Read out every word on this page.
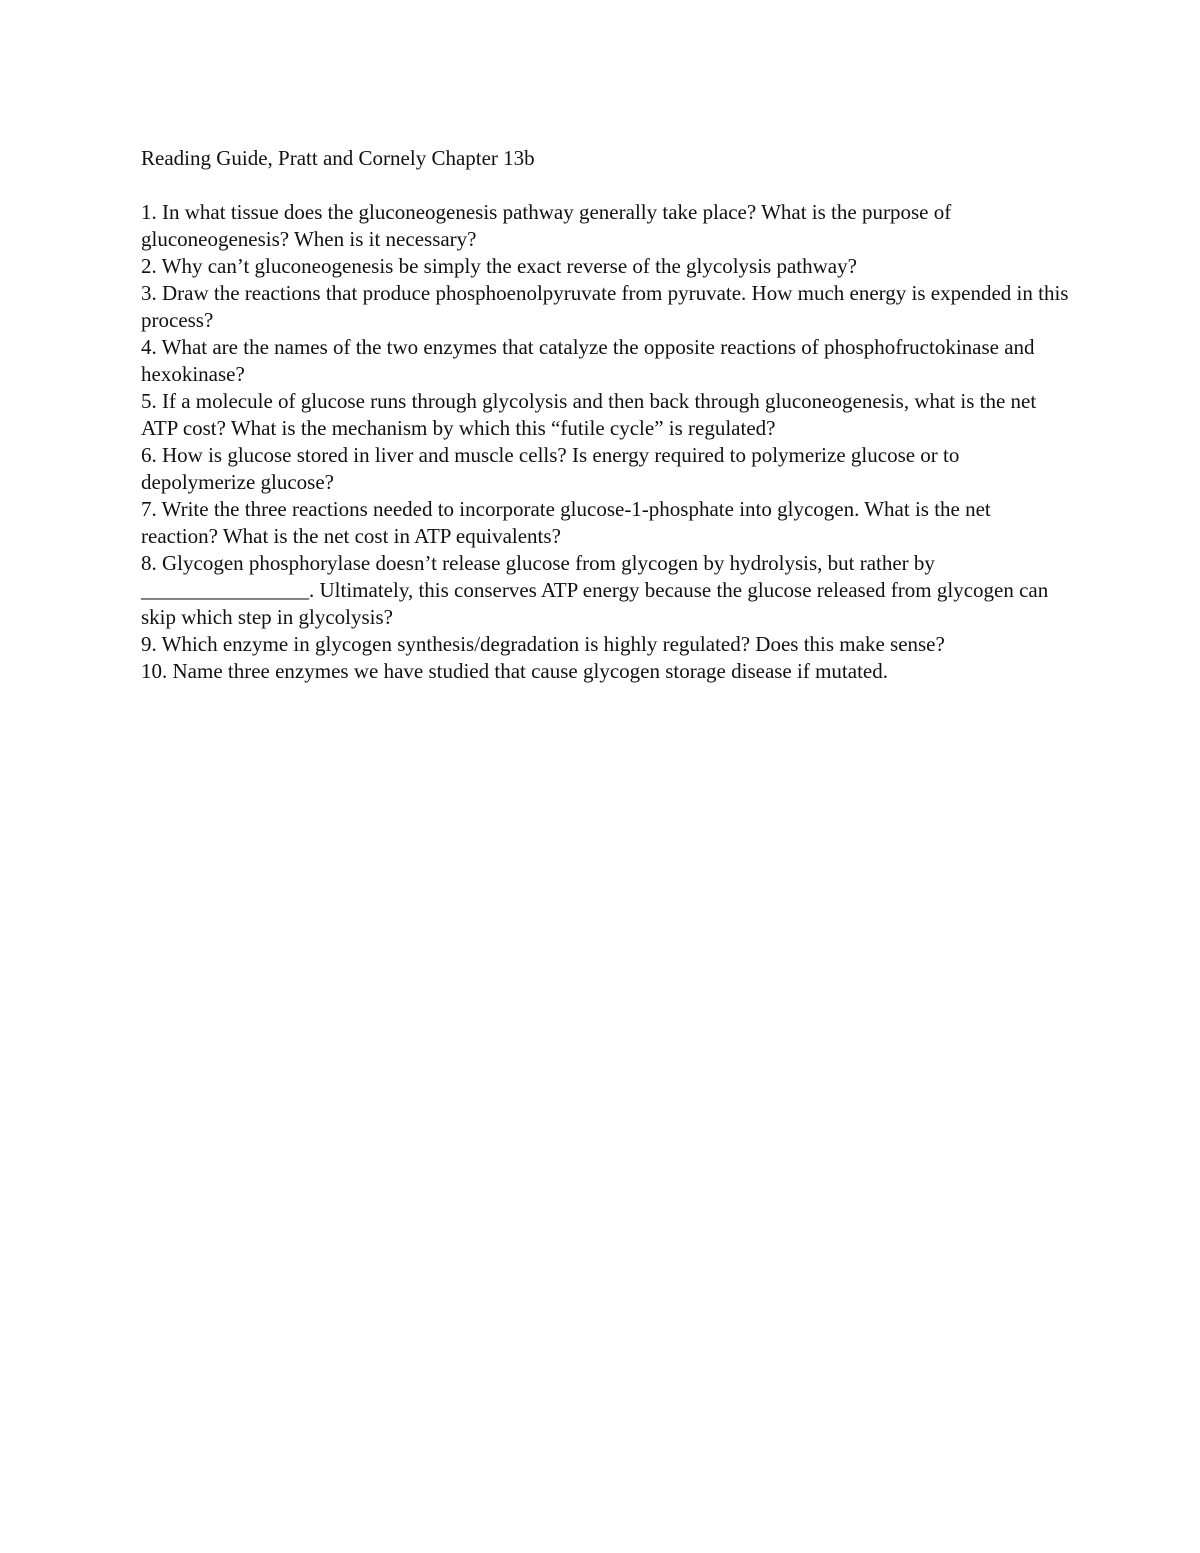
Reading Guide, Pratt and Cornely Chapter 13b

1. In what tissue does the gluconeogenesis pathway generally take place? What is the purpose of gluconeogenesis? When is it necessary?

2. Why can’t gluconeogenesis be simply the exact reverse of the glycolysis pathway?

3. Draw the reactions that produce phosphoenolpyruvate from pyruvate. How much energy is expended in this process?

4. What are the names of the two enzymes that catalyze the opposite reactions of phosphofructokinase and hexokinase?

5. If a molecule of glucose runs through glycolysis and then back through gluconeogenesis, what is the net ATP cost? What is the mechanism by which this “futile cycle” is regulated?

6. How is glucose stored in liver and muscle cells? Is energy required to polymerize glucose or to depolymerize glucose?

7. Write the three reactions needed to incorporate glucose-1-phosphate into glycogen. What is the net reaction? What is the net cost in ATP equivalents?

8. Glycogen phosphorylase doesn’t release glucose from glycogen by hydrolysis, but rather by ________________. Ultimately, this conserves ATP energy because the glucose released from glycogen can skip which step in glycolysis?

9. Which enzyme in glycogen synthesis/degradation is highly regulated? Does this make sense?

10. Name three enzymes we have studied that cause glycogen storage disease if mutated.
